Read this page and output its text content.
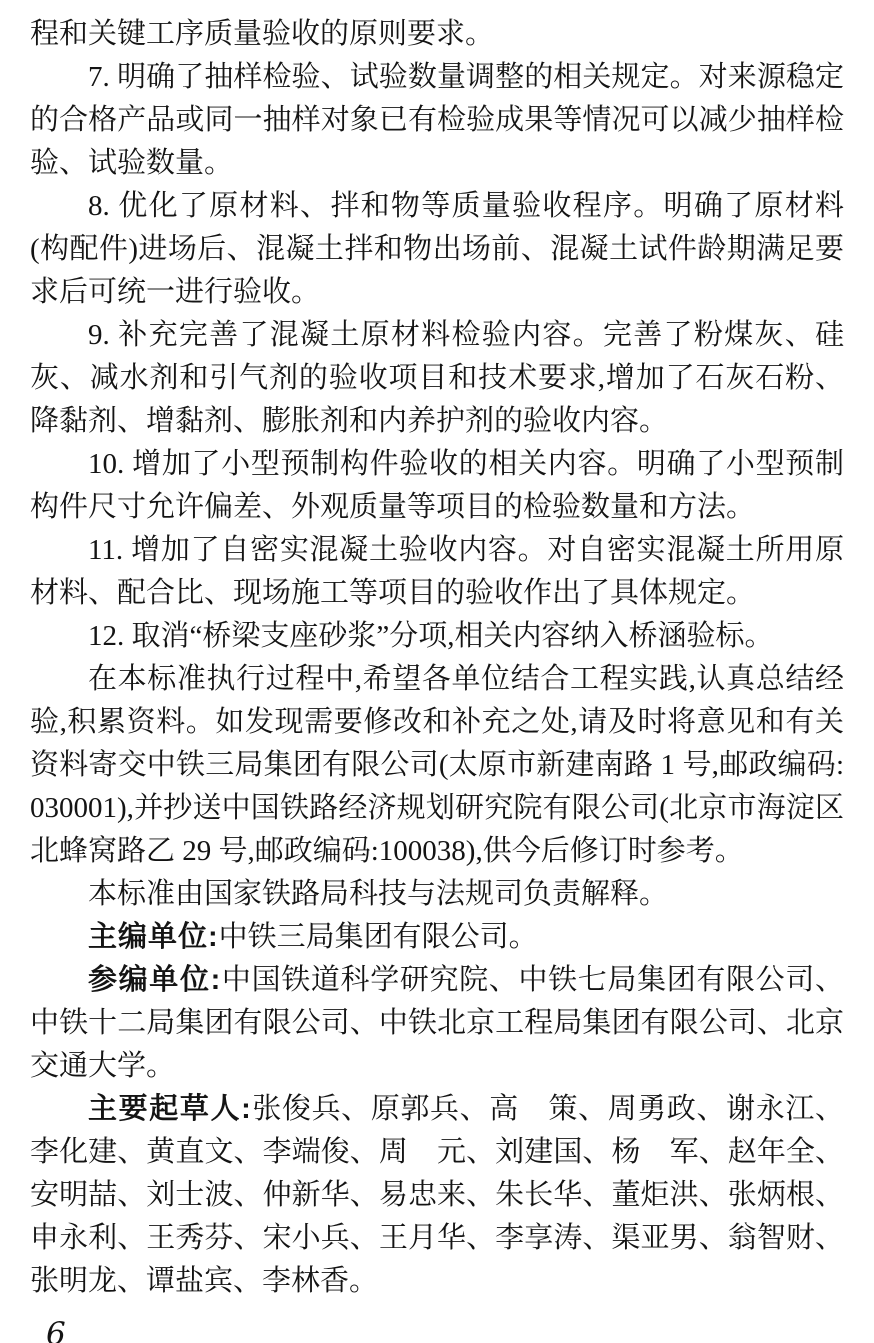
程和关键工序质量验收的原则要求。

7. 明确了抽样检验、试验数量调整的相关规定。对来源稳定的合格产品或同一抽样对象已有检验成果等情况可以减少抽样检验、试验数量。

8. 优化了原材料、拌和物等质量验收程序。明确了原材料(构配件)进场后、混凝土拌和物出场前、混凝土试件龄期满足要求后可统一进行验收。

9. 补充完善了混凝土原材料检验内容。完善了粉煤灰、硅灰、减水剂和引气剂的验收项目和技术要求,增加了石灰石粉、降黏剂、增黏剂、膨胀剂和内养护剂的验收内容。

10. 增加了小型预制构件验收的相关内容。明确了小型预制构件尺寸允许偏差、外观质量等项目的检验数量和方法。

11. 增加了自密实混凝土验收内容。对自密实混凝土所用原材料、配合比、现场施工等项目的验收作出了具体规定。

12. 取消“桥梁支座砂浆”分项,相关内容纳入桥涵验标。

在本标准执行过程中,希望各单位结合工程实践,认真总结经验,积累资料。如发现需要修改和补充之处,请及时将意见和有关资料寄交中铁三局集团有限公司(太原市新建南路 1 号,邮政编码:030001),并抄送中国铁路经济规划研究院有限公司(北京市海淀区北蜂窝路乙 29 号,邮政编码:100038),供今后修订时参考。

本标准由国家铁路局科技与法规司负责解释。

主编单位:中铁三局集团有限公司。

参编单位:中国铁道科学研究院、中铁七局集团有限公司、中铁十二局集团有限公司、中铁北京工程局集团有限公司、北京交通大学。

主要起草人:张俊兵、原郭兵、高　策、周勇政、谢永江、李化建、黄直文、李端俊、周　元、刘建国、杨　军、赵年全、安明喆、刘士波、仲新华、易忠来、朱长华、董炬洪、张炳根、申永利、王秀芬、宋小兵、王月华、李享涛、渠亚男、翁智财、张明龙、谭盐宾、李林香。

6
